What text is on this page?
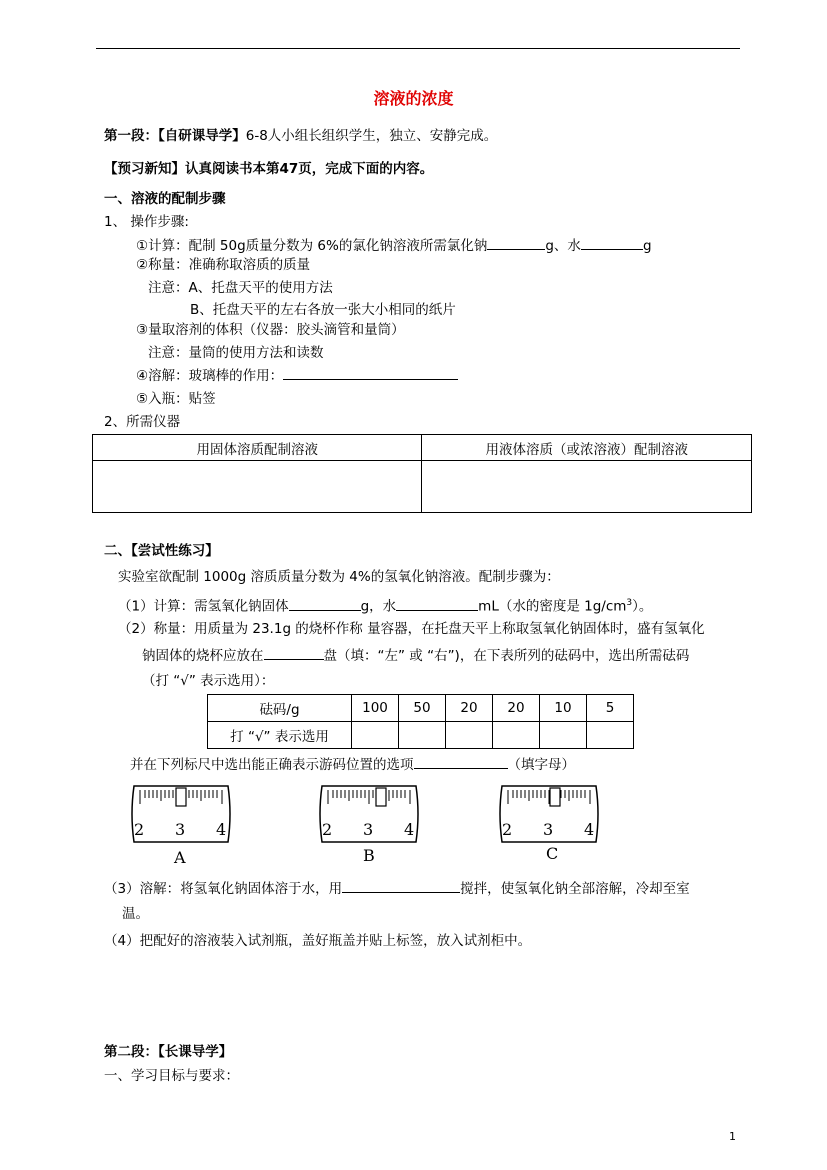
溶液的浓度
第一段：【自研课导学】6-8人小组长组织学生，独立、安静完成。
【预习新知】认真阅读书本第47页，完成下面的内容。
一、溶液的配制步骤
1、 操作步骤:
①计算：配制 50g质量分数为 6%的氯化钠溶液所需氯化钠	g、水	g
②称量：准确称取溶质的质量
注意：A、托盘天平的使用方法
B、托盘天平的左右各放一张大小相同的纸片
③量取溶剂的体积（仪器：胶头滴管和量筒）
注意：量筒的使用方法和读数
④溶解：玻璃棒的作用：
⑤入瓶：贴签
2、所需仪器
用固体溶质配制溶液	用液体溶质（或浓溶液）配制溶液

二、【尝试性练习】
实验室欲配制 1000g 溶质质量分数为 4%的氢氧化钠溶液。配制步骤为：
（1）计算：需氢氧化钠固体	g，水	mL（水的密度是 $1g/cm^3$）。
（2）称量：用质量为 23.1g 的烧杯作称 量容器，在托盘天平上称取氢氧化钠固体时，盛有氢氧化
钠固体的烧杯应放在	盘（填：“左” 或 “右”)，在下表所列的砝码中，选出所需砝码
（打 “√” 表示选用）：
砝码/g	100	50	20	20	10	5
打 “√” 表示选用						
并在下列标尺中选出能正确表示游码位置的选项	（填字母）
2 3 4
A
2 3 4
B
2 3 4
C
（3）溶解：将氢氧化钠固体溶于水，用	搅拌，使氢氧化钠全部溶解，冷却至室
温。
（4）把配好的溶液装入试剂瓶，盖好瓶盖并贴上标签，放入试剂柜中。
第二段：【长课导学】
一、学习目标与要求：
1
